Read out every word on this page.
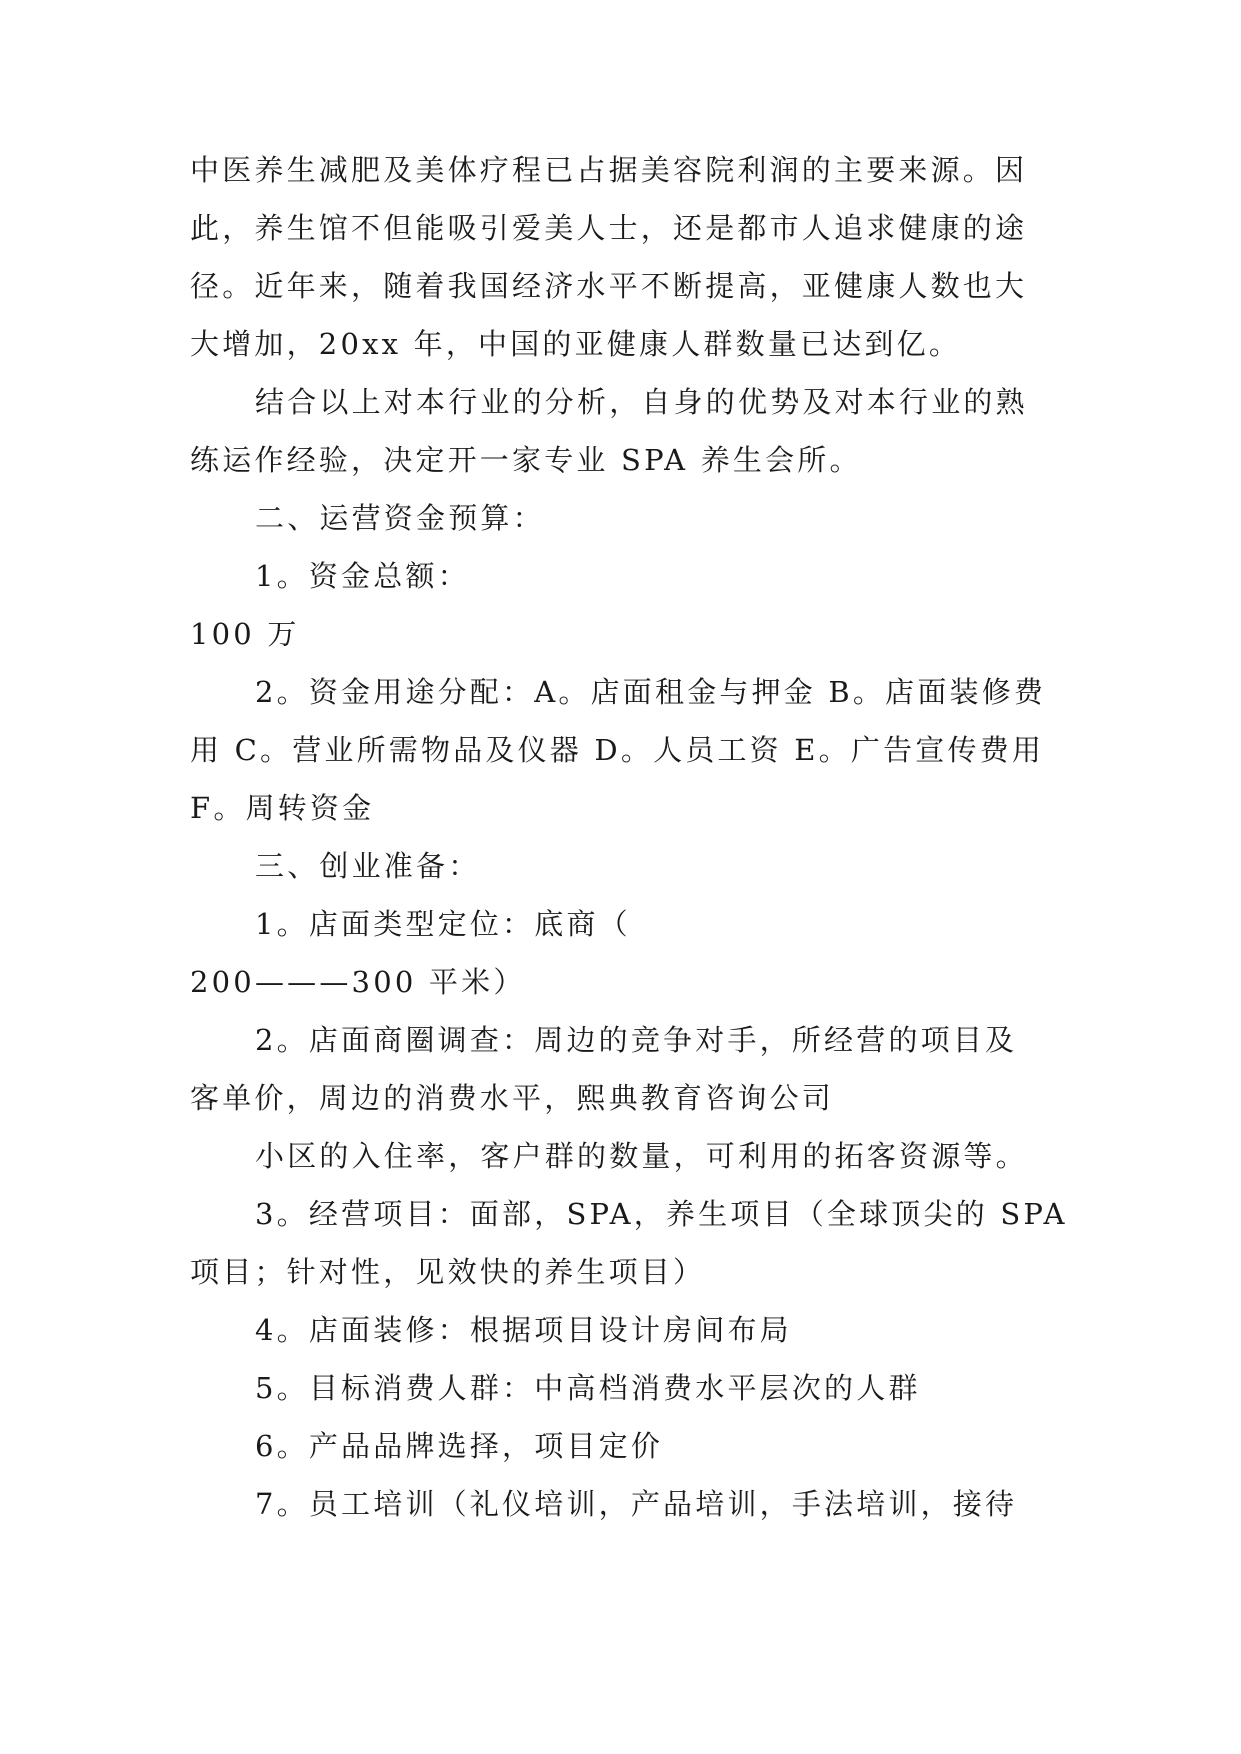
中医养生减肥及美体疗程已占据美容院利润的主要来源。因
此，养生馆不但能吸引爱美人士，还是都市人追求健康的途
径。近年来，随着我国经济水平不断提高，亚健康人数也大
大增加，20xx 年，中国的亚健康人群数量已达到亿。
结合以上对本行业的分析，自身的优势及对本行业的熟
练运作经验，决定开一家专业 SPA 养生会所。
二、运营资金预算：
1。资金总额：
100 万
2。资金用途分配：A。店面租金与押金 B。店面装修费
用 C。营业所需物品及仪器 D。人员工资 E。广告宣传费用
F。周转资金
三、创业准备：
1。店面类型定位：底商（
200———300 平米）
2。店面商圈调查：周边的竞争对手，所经营的项目及
客单价，周边的消费水平，熙典教育咨询公司
小区的入住率，客户群的数量，可利用的拓客资源等。
3。经营项目：面部，SPA，养生项目（全球顶尖的 SPA
项目；针对性，见效快的养生项目）
4。店面装修：根据项目设计房间布局
5。目标消费人群：中高档消费水平层次的人群
6。产品品牌选择，项目定价
7。员工培训（礼仪培训，产品培训，手法培训，接待
